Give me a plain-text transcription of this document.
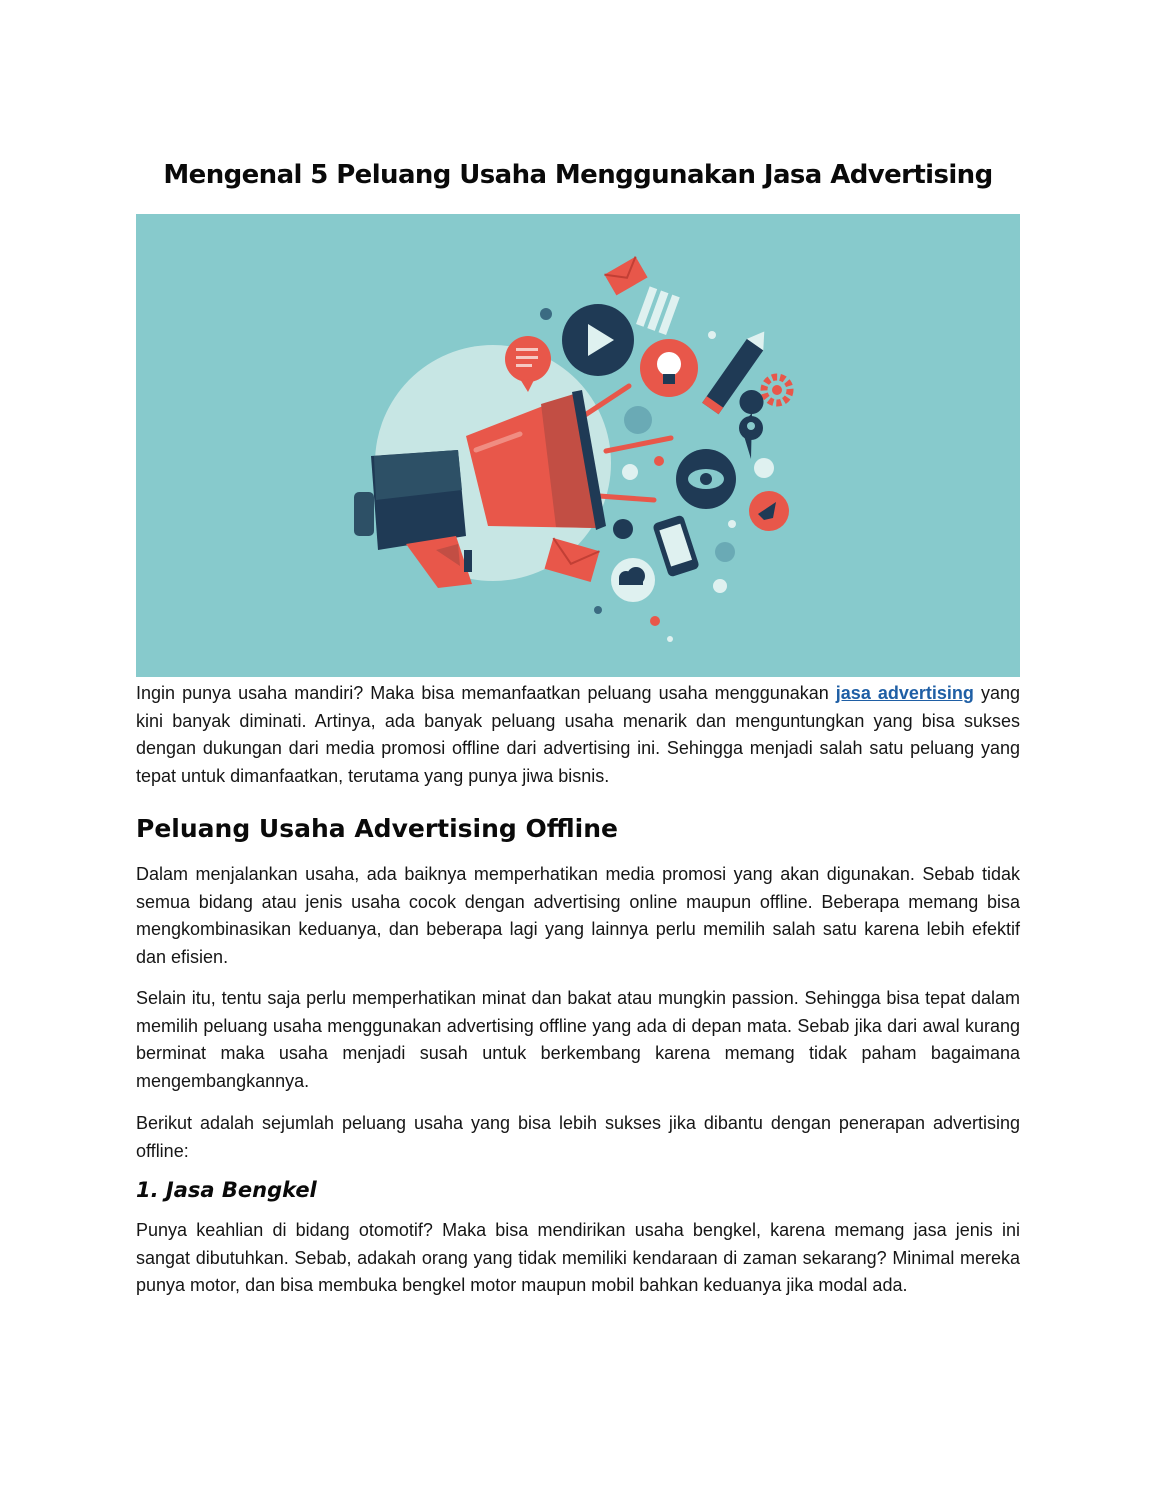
Mengenal 5 Peluang Usaha Menggunakan Jasa Advertising

Ingin punya usaha mandiri? Maka bisa memanfaatkan peluang usaha menggunakan jasa advertising yang kini banyak diminati. Artinya, ada banyak peluang usaha menarik dan menguntungkan yang bisa sukses dengan dukungan dari media promosi offline dari advertising ini. Sehingga menjadi salah satu peluang yang tepat untuk dimanfaatkan, terutama yang punya jiwa bisnis.

Peluang Usaha Advertising Offline

Dalam menjalankan usaha, ada baiknya memperhatikan media promosi yang akan digunakan. Sebab tidak semua bidang atau jenis usaha cocok dengan advertising online maupun offline. Beberapa memang bisa mengkombinasikan keduanya, dan beberapa lagi yang lainnya perlu memilih salah satu karena lebih efektif dan efisien.

Selain itu, tentu saja perlu memperhatikan minat dan bakat atau mungkin passion. Sehingga bisa tepat dalam memilih peluang usaha menggunakan advertising offline yang ada di depan mata. Sebab jika dari awal kurang berminat maka usaha menjadi susah untuk berkembang karena memang tidak paham bagaimana mengembangkannya.

Berikut adalah sejumlah peluang usaha yang bisa lebih sukses jika dibantu dengan penerapan advertising offline:

1. Jasa Bengkel

Punya keahlian di bidang otomotif? Maka bisa mendirikan usaha bengkel, karena memang jasa jenis ini sangat dibutuhkan. Sebab, adakah orang yang tidak memiliki kendaraan di zaman sekarang? Minimal mereka punya motor, dan bisa membuka bengkel motor maupun mobil bahkan keduanya jika modal ada.
